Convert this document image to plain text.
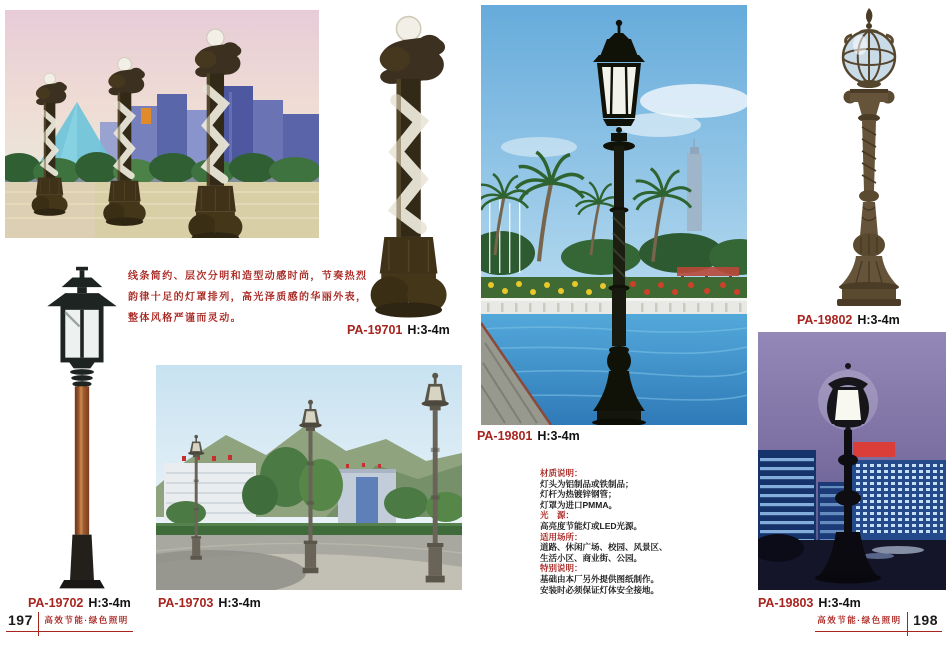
线条简约、层次分明和造型动感时尚，节奏热烈
韵律十足的灯罩排列，高光泽质感的华丽外表，
整体风格严谨而灵动。
PA-19701 H:3-4m
PA-19702 H:3-4m PA-19703 H:3-4m
197 高效节能·绿色照明
PA-19801 H:3-4m
材质说明：
灯头为铝制品或铁制品；
灯杆为热镀锌钢管；
灯罩为进口PMMA。
光　源：
高亮度节能灯或LED光源。
适用场所：
道路、休闲广场、校园、风景区、
生活小区、商业街、公园。
特别说明：
基础由本厂另外提供图纸制作。
安装时必须保证灯体安全接地。
PA-19802 H:3-4m
PA-19803 H:3-4m
高效节能·绿色照明 198
